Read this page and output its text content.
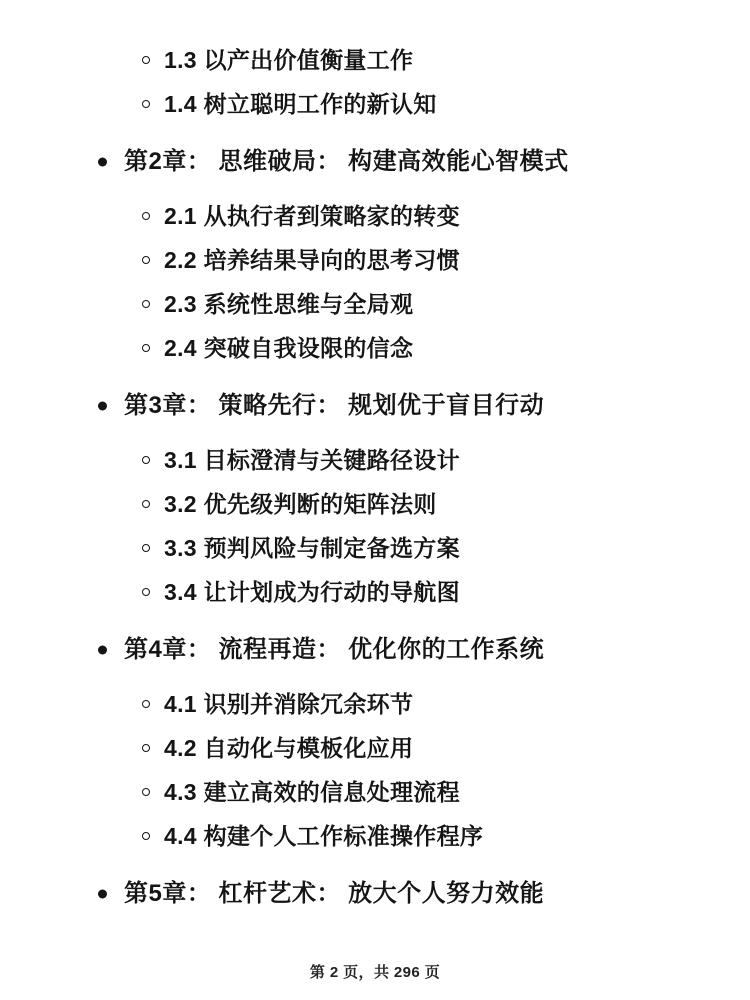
1.3 以产出价值衡量工作
1.4 树立聪明工作的新认知
第2章： 思维破局： 构建高效能心智模式
2.1 从执行者到策略家的转变
2.2 培养结果导向的思考习惯
2.3 系统性思维与全局观
2.4 突破自我设限的信念
第3章： 策略先行： 规划优于盲目行动
3.1 目标澄清与关键路径设计
3.2 优先级判断的矩阵法则
3.3 预判风险与制定备选方案
3.4 让计划成为行动的导航图
第4章： 流程再造： 优化你的工作系统
4.1 识别并消除冗余环节
4.2 自动化与模板化应用
4.3 建立高效的信息处理流程
4.4 构建个人工作标准操作程序
第5章： 杠杆艺术： 放大个人努力效能
第 2 页，共 296 页
